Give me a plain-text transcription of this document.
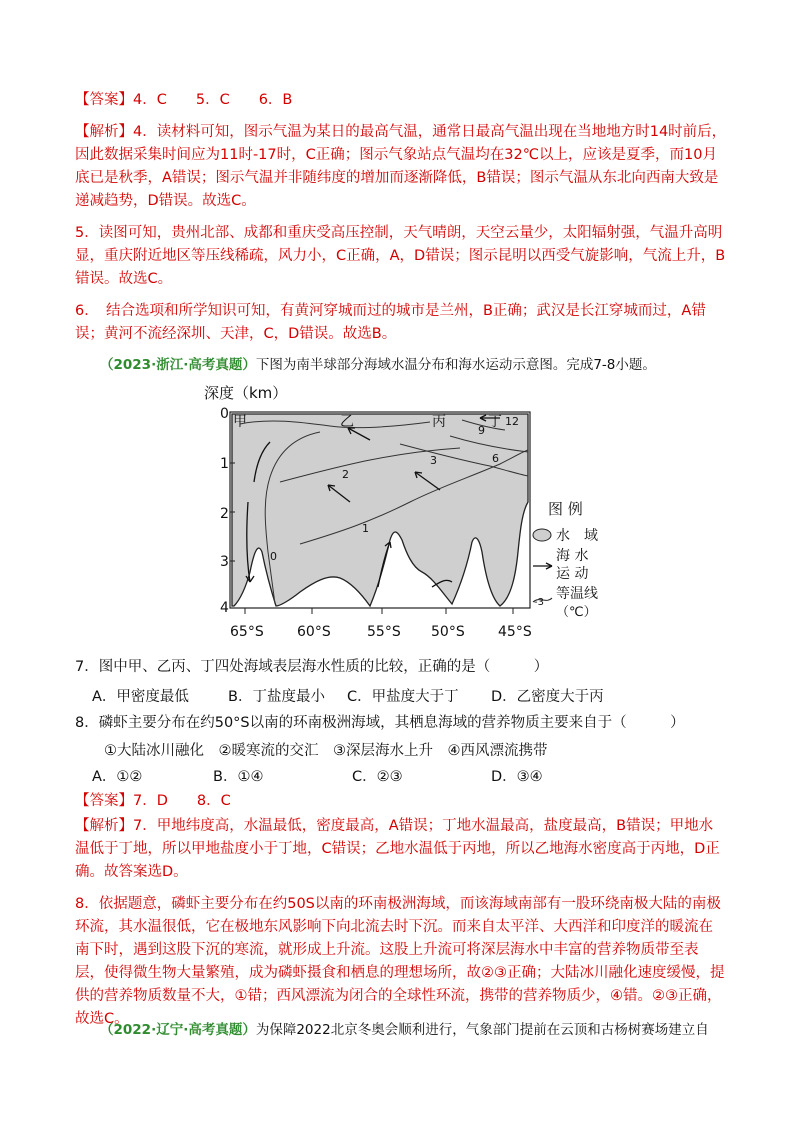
【答案】4．C　　5．C　　6．B

【解析】4．读材料可知，图示气温为某日的最高气温，通常日最高气温出现在当地地方时14时前后，因此数据采集时间应为11时-17时，C正确；图示气象站点气温均在32℃以上，应该是夏季，而10月底已是秋季，A错误；图示气温并非随纬度的增加而逐渐降低，B错误；图示气温从东北向西南大致是递减趋势，D错误。故选C。

5．读图可知，贵州北部、成都和重庆受高压控制，天气晴朗，天空云量少，太阳辐射强，气温升高明显，重庆附近地区等压线稀疏，风力小，C正确，A，D错误；图示昆明以西受气旋影响，气流上升，B错误。故选C。

6．　结合选项和所学知识可知，有黄河穿城而过的城市是兰州，B正确；武汉是长江穿城而过，A错误；黄河不流经深圳、天津，C，D错误。故选B。

（2023·浙江·高考真题）下图为南半球部分海域水温分布和海水运动示意图。完成7-8小题。
深度（km）
甲	乙	丙	丁
0
1
2
3	6
9
12
0
1
2
3
4
65°S 60°S	55°S 50°S 45°S
图 例
水　域
海 水
运 动
-3
等温线
（℃）
7．图中甲、乙丙、丁四处海域表层海水性质的比较，正确的是（　　　）
A．甲密度最低	B．丁盐度最小 C．甲盐度大于丁 D．乙密度大于丙
8．磷虾主要分布在约50°S以南的环南极洲海域，其栖息海域的营养物质主要来自于（　　　）
①大陆冰川融化　②暖寒流的交汇　③深层海水上升　④西风漂流携带
A．①②	B．①④	C．②③	D．③④

【答案】7．D　　8．C

【解析】7．甲地纬度高，水温最低，密度最高，A错误；丁地水温最高，盐度最高，B错误；甲地水温低于丁地，所以甲地盐度小于丁地，C错误；乙地水温低于丙地，所以乙地海水密度高于丙地，D正确。故答案选D。

8．依据题意，磷虾主要分布在约50S以南的环南极洲海域，而该海域南部有一股环绕南极大陆的南极环流，其水温很低，它在极地东风影响下向北流去时下沉。而来自太平洋、大西洋和印度洋的暖流在南下时，遇到这股下沉的寒流，就形成上升流。这股上升流可将深层海水中丰富的营养物质带至表层，使得微生物大量繁殖，成为磷虾摄食和栖息的理想场所，故②③正确；大陆冰川融化速度缓慢，提供的营养物质数量不大，①错；西风漂流为闭合的全球性环流，携带的营养物质少，④错。②③正确，故选C。

（2022·辽宁·高考真题）为保障2022北京冬奥会顺利进行，气象部门提前在云顶和古杨树赛场建立自
